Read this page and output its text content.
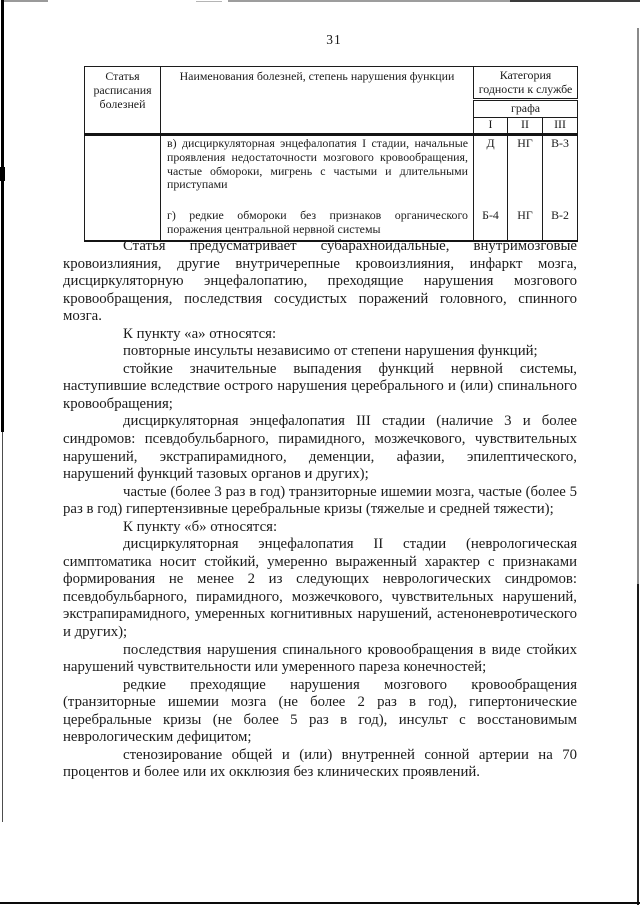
31
Статья расписания болезней	Наименования болезней, степень нарушения функции	Категория годности к службе		
		графа		
		I	II	III
	в) дисциркуляторная энцефалопатия I стадии, начальные проявления недостаточности мозгового кровообращения, частые обмороки, мигрень с частыми и длительными приступами	Д	НГ	В-3
	г) редкие обмороки без признаков органического поражения центральной нервной системы	Б-4	НГ	В-2

Статья предусматривает субарахноидальные, внутримозговые кровоизлияния, другие внутричерепные кровоизлияния, инфаркт мозга, дисциркуляторную энцефалопатию, преходящие нарушения мозгового кровообращения, последствия сосудистых поражений головного, спинного мозга.

К пункту «а» относятся:

повторные инсульты независимо от степени нарушения функций;

стойкие значительные выпадения функций нервной системы, наступившие вследствие острого нарушения церебрального и (или) спинального кровообращения;

дисциркуляторная энцефалопатия III стадии (наличие 3 и более синдромов: псевдобульбарного, пирамидного, мозжечкового, чувствительных нарушений, экстрапирамидного, деменции, афазии, эпилептического, нарушений функций тазовых органов и других);

частые (более 3 раз в год) транзиторные ишемии мозга, частые (более 5 раз в год) гипертензивные церебральные кризы (тяжелые и средней тяжести);

К пункту «б» относятся:

дисциркуляторная энцефалопатия II стадии (неврологическая симптоматика носит стойкий, умеренно выраженный характер с признаками формирования не менее 2 из следующих неврологических синдромов: псевдобульбарного, пирамидного, мозжечкового, чувствительных нарушений, экстрапирамидного, умеренных когнитивных нарушений, астеноневротического и других);

последствия нарушения спинального кровообращения в виде стойких нарушений чувствительности или умеренного пареза конечностей;

редкие преходящие нарушения мозгового кровообращения (транзиторные ишемии мозга (не более 2 раз в год), гипертонические церебральные кризы (не более 5 раз в год), инсульт с восстановимым неврологическим дефицитом;

стенозирование общей и (или) внутренней сонной артерии на 70 процентов и более или их окклюзия без клинических проявлений.
